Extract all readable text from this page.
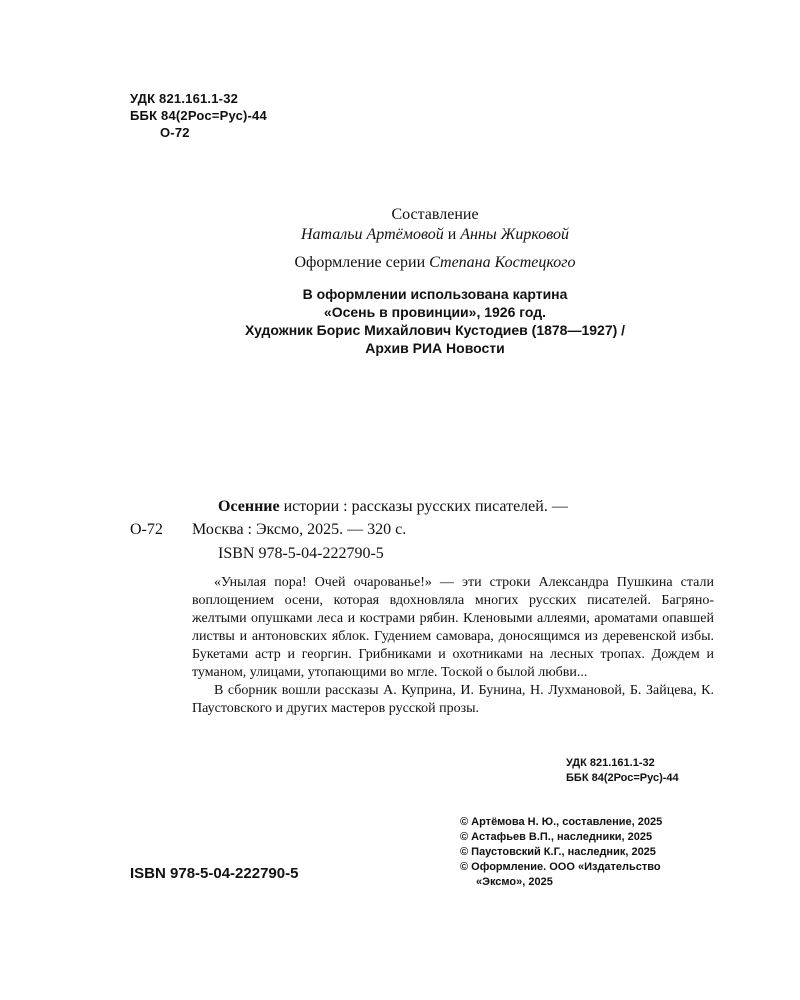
УДК 821.161.1-32
ББК 84(2Рос=Рус)-44
О-72
Составление
Натальи Артёмовой и Анны Жирковой
Оформление серии Степана Костецкого
В оформлении использована картина
«Осень в провинции», 1926 год.
Художник Борис Михайлович Кустодиев (1878—1927) /
Архив РИА Новости
Осенние истории : рассказы русских писателей. —
О-72 Москва : Эксмо, 2025. — 320 с.
ISBN 978-5-04-222790-5

«Унылая пора! Очей очарованье!» — эти строки Александра Пушкина стали воплощением осени, которая вдохновляла многих русских писателей. Багряно-желтыми опушками леса и кострами рябин. Кленовыми аллеями, ароматами опавшей листвы и антоновских яблок. Гудением самовара, доносящимся из деревенской избы. Букетами астр и георгин. Грибниками и охотниками на лесных тропах. Дождем и туманом, улицами, утопающими во мгле. Тоской о былой любви...

В сборник вошли рассказы А. Куприна, И. Бунина, Н. Лухмановой, Б. Зайцева, К. Паустовского и других мастеров русской прозы.

УДК 821.161.1-32
ББК 84(2Рос=Рус)-44
© Артёмова Н. Ю., составление, 2025
© Астафьев В.П., наследники, 2025
© Паустовский К.Г., наследник, 2025
© Оформление. ООО «Издательство
«Эксмо», 2025
ISBN 978-5-04-222790-5
